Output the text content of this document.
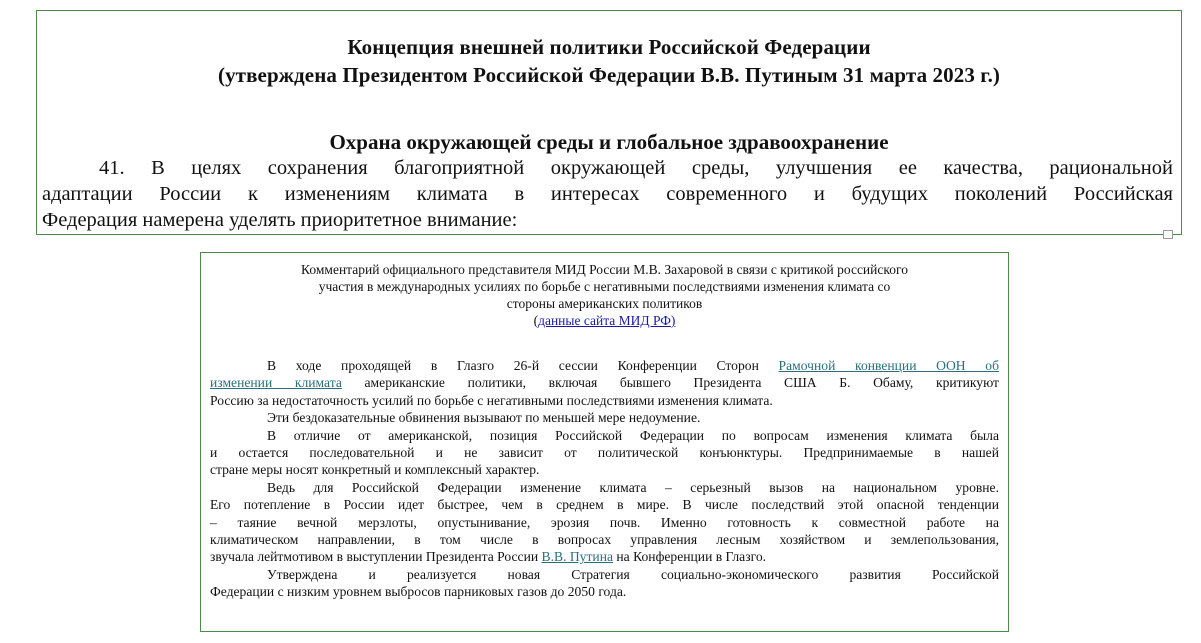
Концепция внешней политики Российской Федерации
(утверждена Президентом Российской Федерации В.В. Путиным 31 марта 2023 г.)
Охрана окружающей среды и глобальное здравоохранение
41. В целях сохранения благоприятной окружающей среды, улучшения ее качества, рациональной
адаптации России к изменениям климата в интересах современного и будущих поколений Российская
Федерация намерена уделять приоритетное внимание:
Комментарий официального представителя МИД России М.В. Захаровой в связи с критикой российского
участия в международных усилиях по борьбе с негативными последствиями изменения климата со
стороны американских политиков
(данные сайта МИД РФ)
В ходе проходящей в Глазго 26-й сессии Конференции Сторон Рамочной конвенции ООН об
изменении климата американские политики, включая бывшего Президента США Б. Обаму, критикуют
Россию за недостаточность усилий по борьбе с негативными последствиями изменения климата.
Эти бездоказательные обвинения вызывают по меньшей мере недоумение.
В отличие от американской, позиция Российской Федерации по вопросам изменения климата была
и остается последовательной и не зависит от политической конъюнктуры. Предпринимаемые в нашей
стране меры носят конкретный и комплексный характер.
Ведь для Российской Федерации изменение климата – серьезный вызов на национальном уровне.
Его потепление в России идет быстрее, чем в среднем в мире. В числе последствий этой опасной тенденции
– таяние вечной мерзлоты, опустынивание, эрозия почв. Именно готовность к совместной работе на
климатическом направлении, в том числе в вопросах управления лесным хозяйством и землепользования,
звучала лейтмотивом в выступлении Президента России В.В. Путина на Конференции в Глазго.
Утверждена и реализуется новая Стратегия социально-экономического развития Российской
Федерации с низким уровнем выбросов парниковых газов до 2050 года.
